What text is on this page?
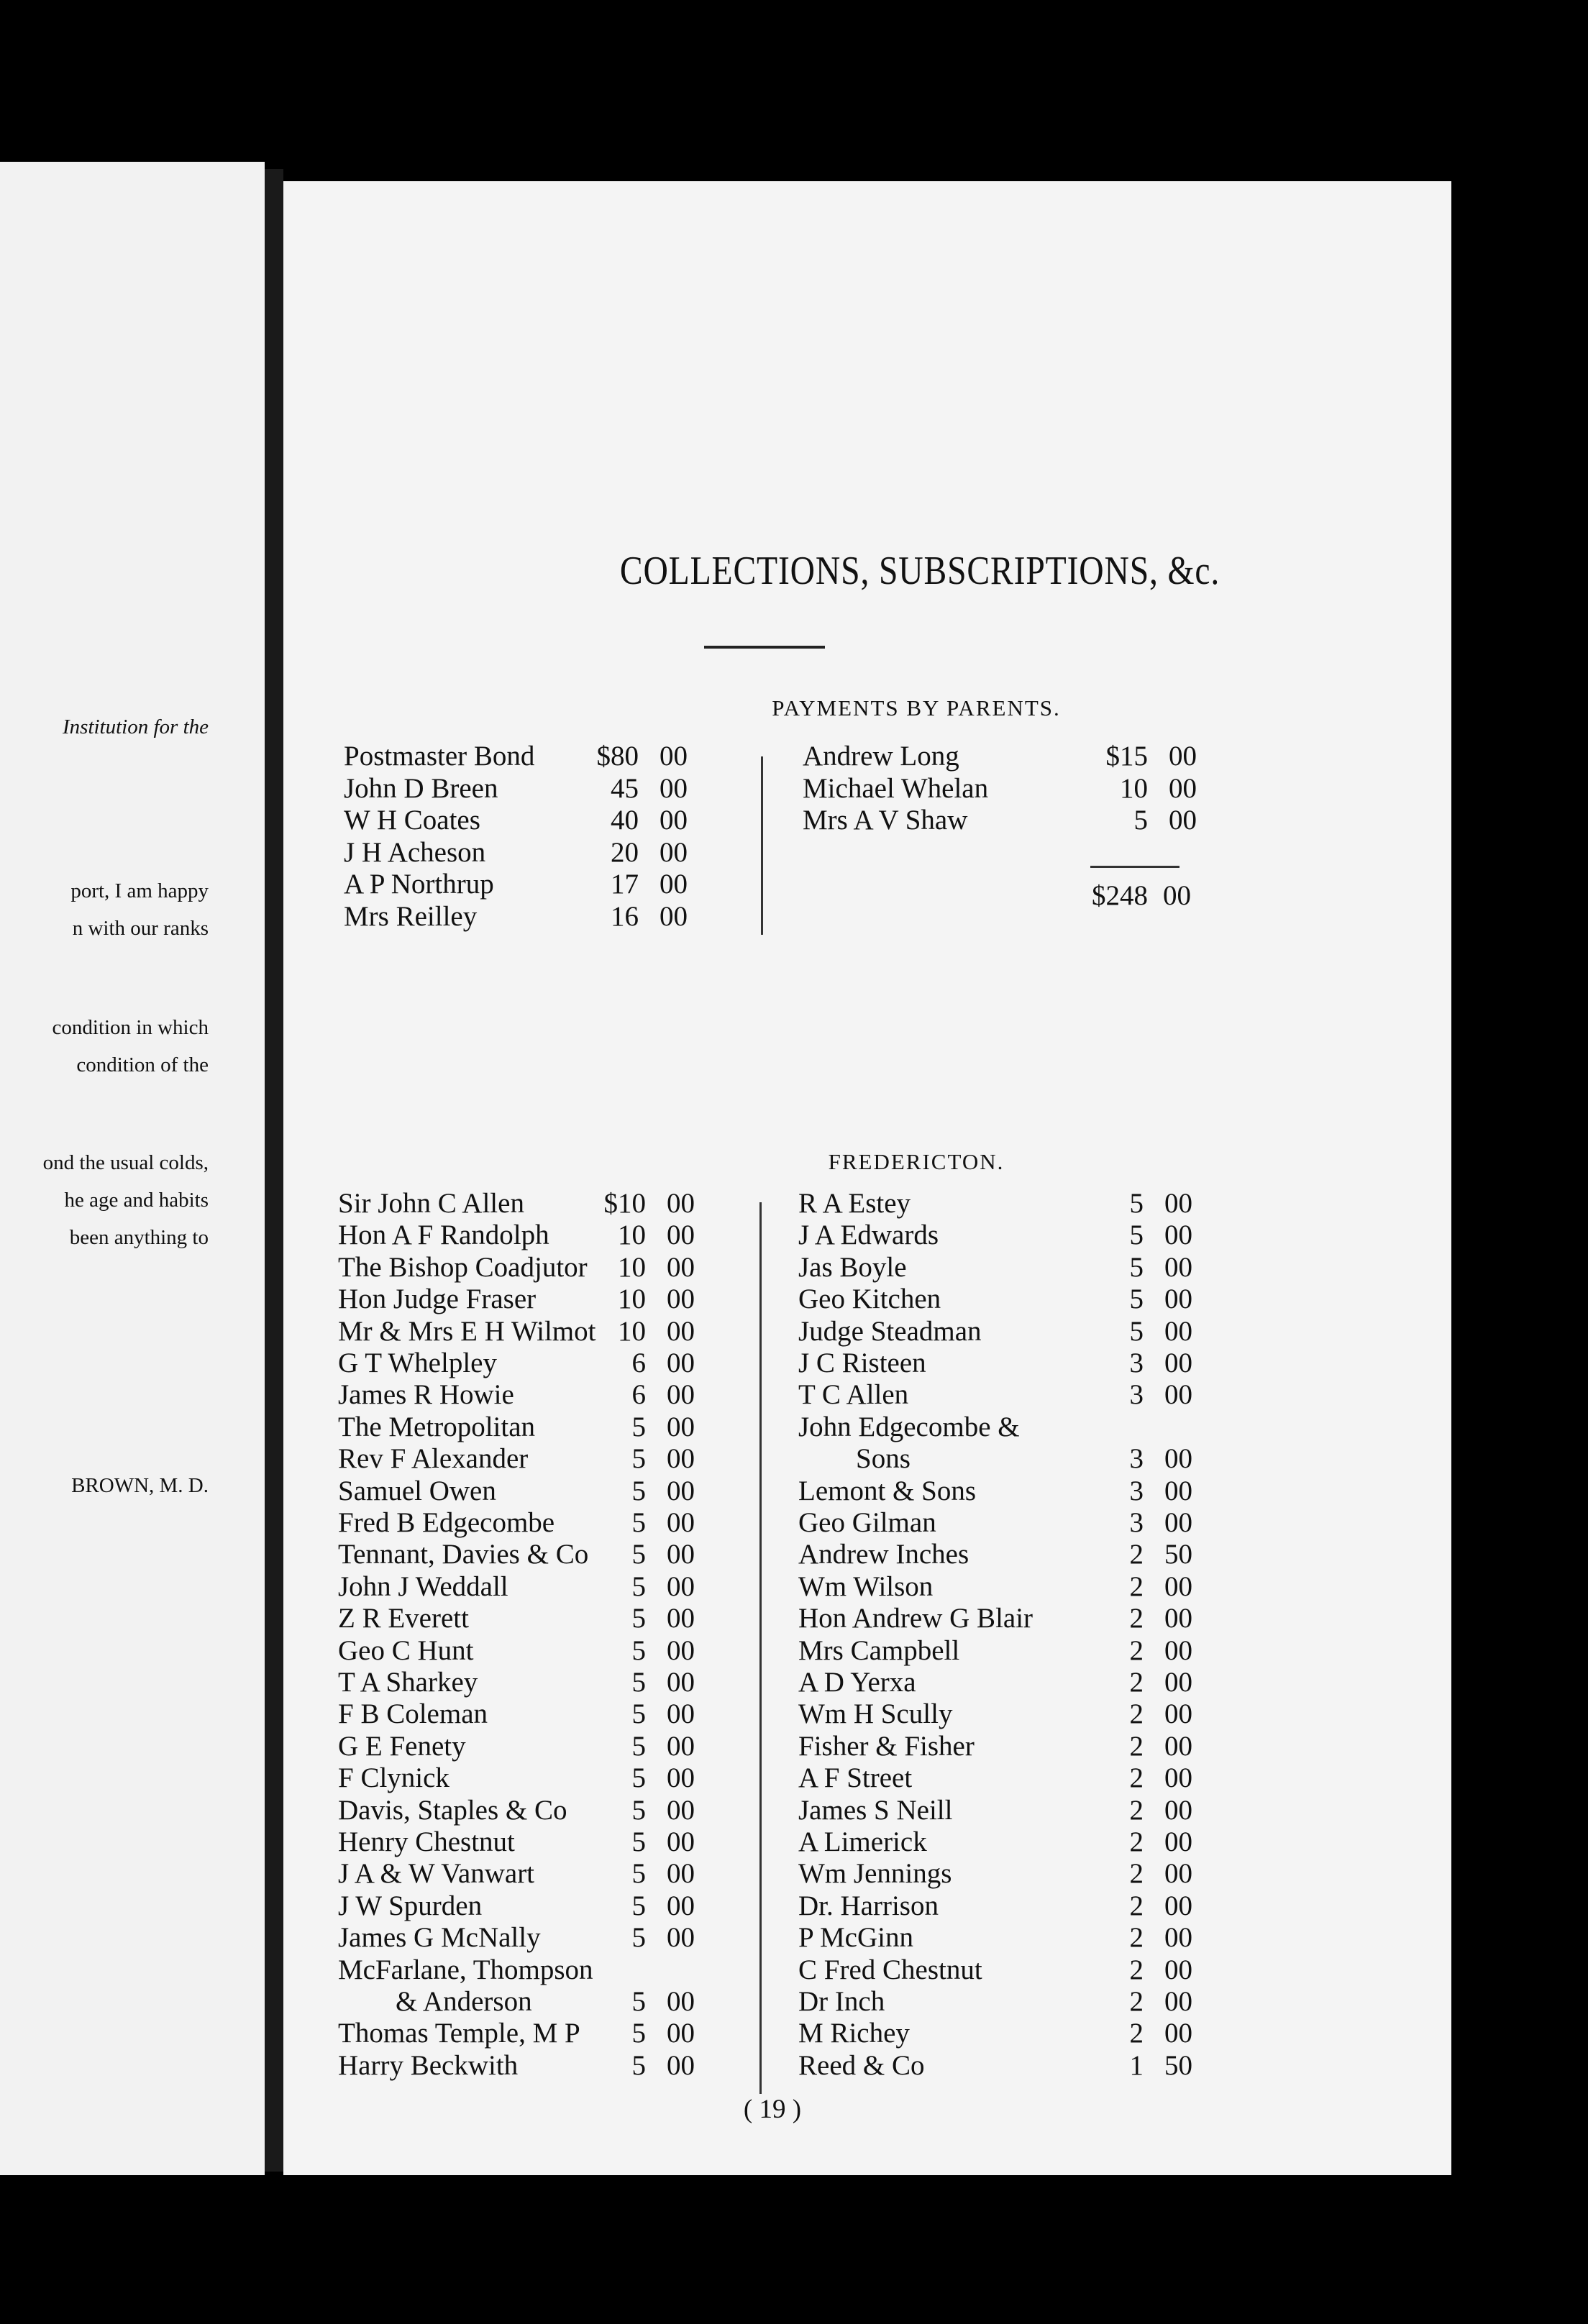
Institution for the
port, I am happy
n with our ranks
condition in which
condition of the
ond the usual colds,
he age and habits
been anything to
BROWN, M. D.
COLLECTIONS, SUBSCRIPTIONS, &c.
PAYMENTS BY PARENTS.
Postmaster Bond	$80 00
John D Breen	45 00
W H Coates	40 00
J H Acheson	20 00
A P Northrup	17 00
Mrs Reilley	16 00
Andrew Long	$15 00
Michael Whelan	10 00
Mrs A V Shaw	5 00
$248 00
FREDERICTON.
Sir John C Allen	$10 00
Hon A F Randolph	10 00
The Bishop Coadjutor	10 00
Hon Judge Fraser	10 00
Mr & Mrs E H Wilmot 10 00
G T Whelpley	6 00
James R Howie	6 00
The Metropolitan	5 00
Rev F Alexander	5 00
Samuel Owen	5 00
Fred B Edgecombe	5 00
Tennant, Davies & Co	5 00
John J Weddall	5 00
Z R Everett	5 00
Geo C Hunt	5 00
T A Sharkey	5 00
F B Coleman	5 00
G E Fenety	5 00
F Clynick	5 00
Davis, Staples & Co	5 00
Henry Chestnut	5 00
J A & W Vanwart	5 00
J W Spurden	5 00
James G McNally	5 00
McFarlane, Thompson
& Anderson	5 00
Thomas Temple, M P	5 00
Harry Beckwith	5 00
R A Estey	5 00
J A Edwards	5 00
Jas Boyle	5 00
Geo Kitchen	5 00
Judge Steadman	5 00
J C Risteen	3 00
T C Allen	3 00
John Edgecombe &
Sons	3 00
Lemont & Sons	3 00
Geo Gilman	3 00
Andrew Inches	2 50
Wm Wilson	2 00
Hon Andrew G Blair	2 00
Mrs Campbell	2 00
A D Yerxa	2 00
Wm H Scully	2 00
Fisher & Fisher	2 00
A F Street	2 00
James S Neill	2 00
A Limerick	2 00
Wm Jennings	2 00
Dr. Harrison	2 00
P McGinn	2 00
C Fred Chestnut	2 00
Dr Inch	2 00
M Richey	2 00
Reed & Co	1 50
( 19 )
